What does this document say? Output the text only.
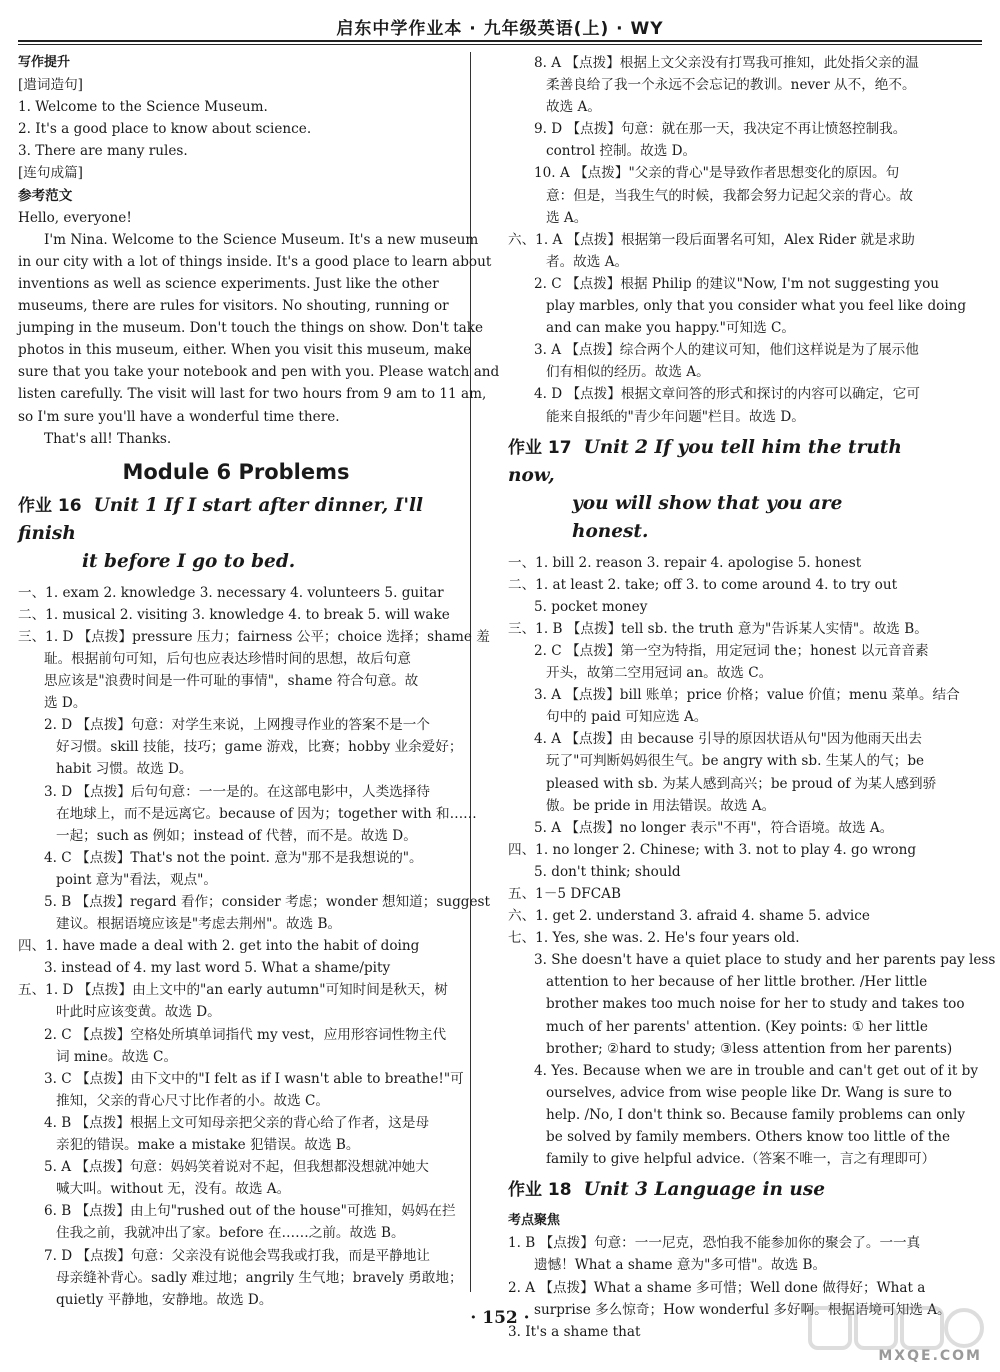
启东中学作业本 · 九年级英语(上) · WY
写作提升
[遣词造句]
1. Welcome to the Science Museum.
2. It's a good place to know about science.
3. There are many rules.
[连句成篇]
参考范文
Hello, everyone!
I'm Nina. Welcome to the Science Museum. It's a new museum
in our city with a lot of things inside. It's a good place to learn about
inventions as well as science experiments. Just like the other
museums, there are rules for visitors. No shouting, running or
jumping in the museum. Don't touch the things on show. Don't take
photos in this museum, either. When you visit this museum, make
sure that you take your notebook and pen with you. Please watch and
listen carefully. The visit will last for two hours from 9 am to 11 am,
so I'm sure you'll have a wonderful time there.
That's all! Thanks.
Module 6 Problems
作业 16 Unit 1 If I start after dinner, I'll finish
it before I go to bed.
一、1. exam 2. knowledge 3. necessary 4. volunteers 5. guitar
二、1. musical 2. visiting 3. knowledge 4. to break 5. will wake
三、1. D 【点拨】pressure 压力；fairness 公平；choice 选择；shame 羞
耻。根据前句可知，后句也应表达珍惜时间的思想，故后句意
思应该是"浪费时间是一件可耻的事情"，shame 符合句意。故
选 D。
2. D 【点拨】句意：对学生来说，上网搜寻作业的答案不是一个
好习惯。skill 技能，技巧；game 游戏，比赛；hobby 业余爱好；
habit 习惯。故选 D。
3. D 【点拨】后句句意：一一是的。在这部电影中，人类选择待
在地球上，而不是远离它。because of 因为；together with 和……
一起；such as 例如；instead of 代替，而不是。故选 D。
4. C 【点拨】That's not the point. 意为"那不是我想说的"。
point 意为"看法，观点"。
5. B 【点拨】regard 看作；consider 考虑；wonder 想知道；suggest
建议。根据语境应该是"考虑去荆州"。故选 B。
四、1. have made a deal with 2. get into the habit of doing
3. instead of 4. my last word 5. What a shame/pity
五、1. D 【点拨】由上文中的"an early autumn"可知时间是秋天，树
叶此时应该变黄。故选 D。
2. C 【点拨】空格处所填单词指代 my vest，应用形容词性物主代
词 mine。故选 C。
3. C 【点拨】由下文中的"I felt as if I wasn't able to breathe!"可
推知，父亲的背心尺寸比作者的小。故选 C。
4. B 【点拨】根据上文可知母亲把父亲的背心给了作者，这是母
亲犯的错误。make a mistake 犯错误。故选 B。
5. A 【点拨】句意：妈妈笑着说对不起，但我想都没想就冲她大
喊大叫。without 无，没有。故选 A。
6. B 【点拨】由上句"rushed out of the house"可推知，妈妈在拦
住我之前，我就冲出了家。before 在……之前。故选 B。
7. D 【点拨】句意：父亲没有说他会骂我或打我，而是平静地让
母亲缝补背心。sadly 难过地；angrily 生气地；bravely 勇敢地；
quietly 平静地，安静地。故选 D。
8. A 【点拨】根据上文父亲没有打骂我可推知，此处指父亲的温
柔善良给了我一个永远不会忘记的教训。never 从不，绝不。
故选 A。
9. D 【点拨】句意：就在那一天，我决定不再让愤怒控制我。
control 控制。故选 D。
10. A 【点拨】"父亲的背心"是导致作者思想变化的原因。句
意：但是，当我生气的时候，我都会努力记起父亲的背心。故
选 A。
六、1. A 【点拨】根据第一段后面署名可知，Alex Rider 就是求助
者。故选 A。
2. C 【点拨】根据 Philip 的建议"Now, I'm not suggesting you
play marbles, only that you consider what you feel like doing
and can make you happy."可知选 C。
3. A 【点拨】综合两个人的建议可知，他们这样说是为了展示他
们有相似的经历。故选 A。
4. D 【点拨】根据文章问答的形式和探讨的内容可以确定，它可
能来自报纸的"青少年问题"栏目。故选 D。
作业 17 Unit 2 If you tell him the truth now,
you will show that you are honest.
一、1. bill 2. reason 3. repair 4. apologise 5. honest
二、1. at least 2. take; off 3. to come around 4. to try out
5. pocket money
三、1. B 【点拨】tell sb. the truth 意为"告诉某人实情"。故选 B。
2. C 【点拨】第一空为特指，用定冠词 the；honest 以元音音素
开头，故第二空用冠词 an。故选 C。
3. A 【点拨】bill 账单；price 价格；value 价值；menu 菜单。结合
句中的 paid 可知应选 A。
4. A 【点拨】由 because 引导的原因状语从句"因为他雨天出去
玩了"可判断妈妈很生气。be angry with sb. 生某人的气；be
pleased with sb. 为某人感到高兴；be proud of 为某人感到骄
傲。be pride in 用法错误。故选 A。
5. A 【点拨】no longer 表示"不再"，符合语境。故选 A。
四、1. no longer 2. Chinese; with 3. not to play 4. go wrong
5. don't think; should
五、1－5 DFCAB
六、1. get 2. understand 3. afraid 4. shame 5. advice
七、1. Yes, she was. 2. He's four years old.
3. She doesn't have a quiet place to study and her parents pay less
attention to her because of her little brother. /Her little
brother makes too much noise for her to study and takes too
much of her parents' attention. (Key points: ① her little
brother; ②hard to study; ③less attention from her parents)
4. Yes. Because when we are in trouble and can't get out of it by
ourselves, advice from wise people like Dr. Wang is sure to
help. /No, I don't think so. Because family problems can only
be solved by family members. Others know too little of the
family to give helpful advice.（答案不唯一，言之有理即可）
作业 18 Unit 3 Language in use
考点聚焦
1. B 【点拨】句意：一一尼克，恐怕我不能参加你的聚会了。一一真
遗憾！What a shame 意为"多可惜"。故选 B。
2. A 【点拨】What a shame 多可惜；Well done 做得好；What a
surprise 多么惊奇；How wonderful 多好啊。根据语境可知选 A。
3. It's a shame that
· 152 ·
MXQE.COM
